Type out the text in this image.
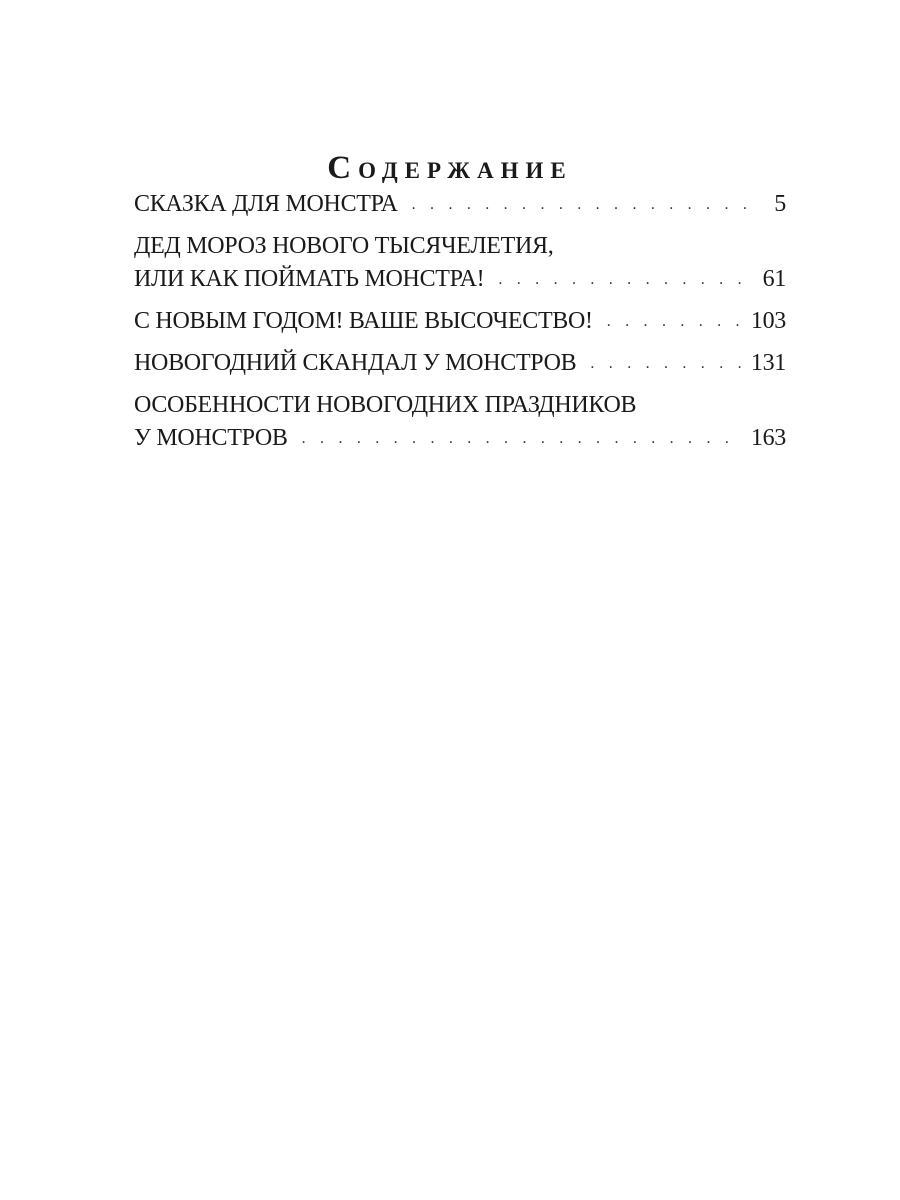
Содержание
СКАЗКА ДЛЯ МОНСТРА . . .	5
ДЕД МОРОЗ НОВОГО ТЫСЯЧЕЛЕТИЯ,
ИЛИ КАК ПОЙМАТЬ МОНСТРА! . . .	61
С НОВЫМ ГОДОМ! ВАШЕ ВЫСОЧЕСТВО! . . .	103
НОВОГОДНИЙ СКАНДАЛ У МОНСТРОВ . . .	131
ОСОБЕННОСТИ НОВОГОДНИХ ПРАЗДНИКОВ
У МОНСТРОВ . . .	163
